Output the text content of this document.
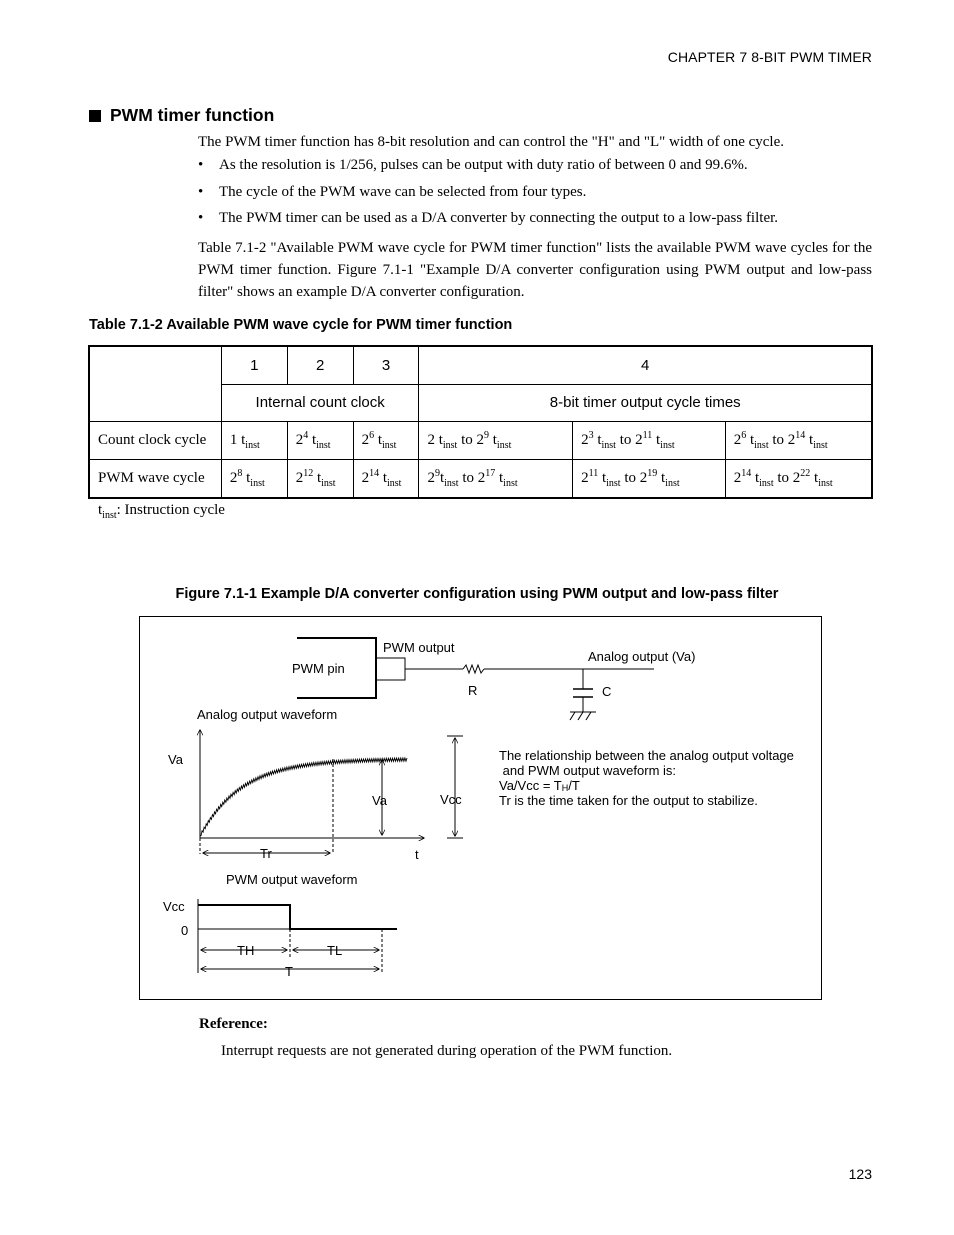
CHAPTER 7 8-BIT PWM TIMER
PWM timer function
The PWM timer function has 8-bit resolution and can control the "H" and "L" width of one cycle.
•	As the resolution is 1/256, pulses can be output with duty ratio of between 0 and 99.6%.
•	The cycle of the PWM wave can be selected from four types.
•	The PWM timer can be used as a D/A converter by connecting the output to a low-pass filter.
Table 7.1-2 "Available PWM wave cycle for PWM timer function" lists the available PWM wave cycles for the PWM timer function. Figure 7.1-1 "Example D/A converter configuration using PWM output and low-pass filter" shows an example D/A converter configuration.
Table 7.1-2 Available PWM wave cycle for PWM timer function
	1	2	3	4		
	Internal count clock			8-bit timer output cycle times		
Count clock cycle	1 $t_{inst}$	$2^4$ $t_{inst}$	$2^6$ $t_{inst}$	2 $t_{inst}$ to $2^9$ $t_{inst}$	$2^3$ $t_{inst}$ to $2^{11}$ $t_{inst}$	$2^6$ $t_{inst}$ to $2^{14}$ $t_{inst}$
PWM wave cycle	$2^8$ $t_{inst}$	$2^{12}$ $t_{inst}$	$2^{14}$ $t_{inst}$	$2^9t_{inst}$ to $2^{17}$ $t_{inst}$	$2^{11}$ $t_{inst}$ to $2^{19}$ $t_{inst}$	$2^{14}$ $t_{inst}$ to $2^{22}$ $t_{inst}$
$t_{inst}$: Instruction cycle
Figure 7.1-1 Example D/A converter configuration using PWM output and low-pass filter
PWM output
PWM pin
Analog output (Va)
R	C
Analog output waveform
Va
Va	Vcc
Tr	t
The relationship between the analog output voltage
and PWM output waveform is:
Va/Vcc = TH/T
Tr is the time taken for the output to stabilize.
PWM output waveform
Vcc
0
TH	TL
T
Reference:
Interrupt requests are not generated during operation of the PWM function.
123
